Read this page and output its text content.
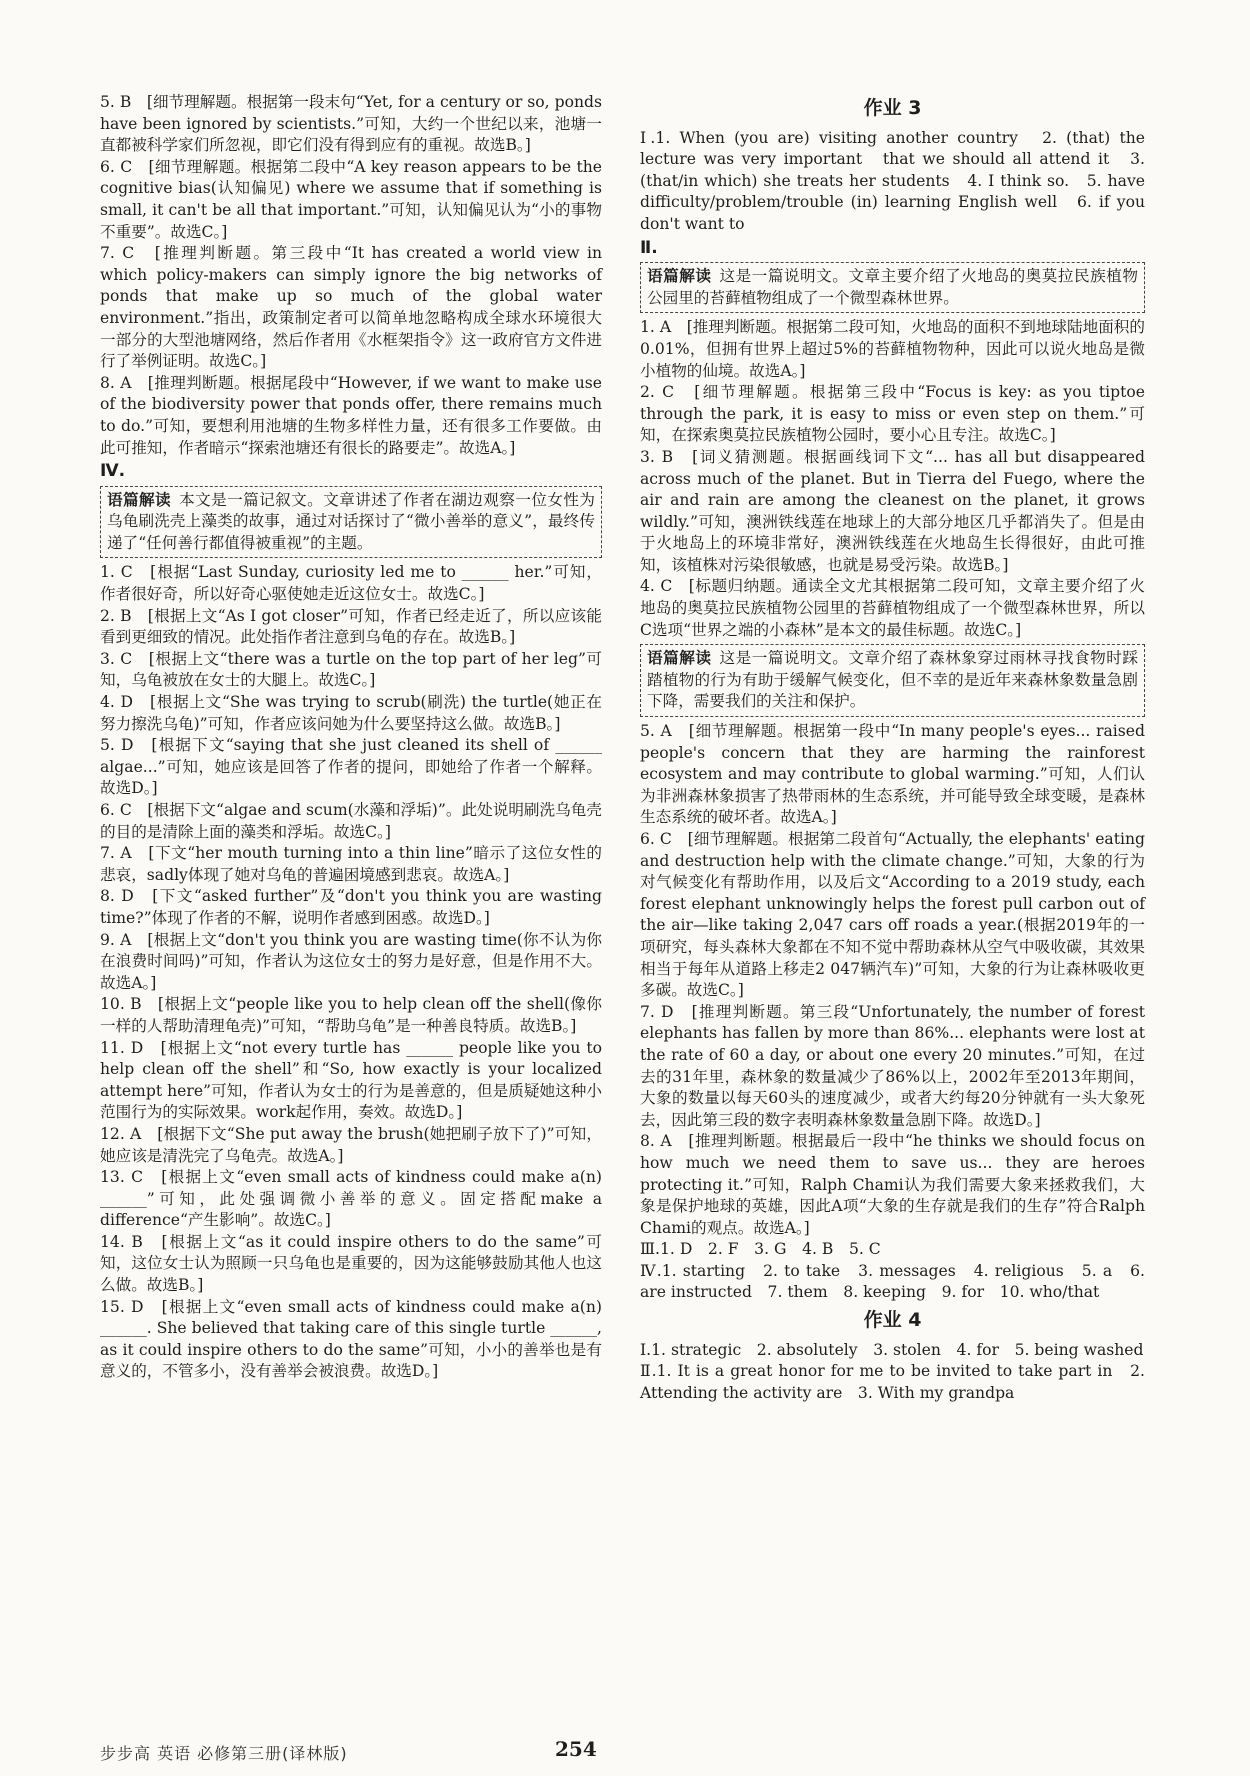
5. B　[细节理解题。根据第一段末句“Yet, for a century or so, ponds have been ignored by scientists.”可知，大约一个世纪以来，池塘一直都被科学家们所忽视，即它们没有得到应有的重视。故选B。]

6. C　[细节理解题。根据第二段中“A key reason appears to be the cognitive bias(认知偏见) where we assume that if something is small, it can't be all that important.”可知，认知偏见认为“小的事物不重要”。故选C。]

7. C　[推理判断题。第三段中“It has created a world view in which policy-makers can simply ignore the big networks of ponds that make up so much of the global water environment.”指出，政策制定者可以简单地忽略构成全球水环境很大一部分的大型池塘网络，然后作者用《水框架指令》这一政府官方文件进行了举例证明。故选C。]

8. A　[推理判断题。根据尾段中“However, if we want to make use of the biodiversity power that ponds offer, there remains much to do.”可知，要想利用池塘的生物多样性力量，还有很多工作要做。由此可推知，作者暗示“探索池塘还有很长的路要走”。故选A。]

Ⅳ.
语篇解读 本文是一篇记叙文。文章讲述了作者在湖边观察一位女性为乌龟刷洗壳上藻类的故事，通过对话探讨了“微小善举的意义”，最终传递了“任何善行都值得被重视”的主题。

1. C　[根据“Last Sunday, curiosity led me to ______ her.”可知，作者很好奇，所以好奇心驱使她走近这位女士。故选C。]

2. B　[根据上文“As I got closer”可知，作者已经走近了，所以应该能看到更细致的情况。此处指作者注意到乌龟的存在。故选B。]

3. C　[根据上文“there was a turtle on the top part of her leg”可知，乌龟被放在女士的大腿上。故选C。]

4. D　[根据上文“She was trying to scrub(刷洗) the turtle(她正在努力擦洗乌龟)”可知，作者应该问她为什么要坚持这么做。故选B。]

5. D　[根据下文“saying that she just cleaned its shell of ______ algae...”可知，她应该是回答了作者的提问，即她给了作者一个解释。故选D。]

6. C　[根据下文“algae and scum(水藻和浮垢)”。此处说明刷洗乌龟壳的目的是清除上面的藻类和浮垢。故选C。]

7. A　[下文“her mouth turning into a thin line”暗示了这位女性的悲哀，sadly体现了她对乌龟的普遍困境感到悲哀。故选A。]

8. D　[下文“asked further”及“don't you think you are wasting time?”体现了作者的不解，说明作者感到困惑。故选D。]

9. A　[根据上文“don't you think you are wasting time(你不认为你在浪费时间吗)”可知，作者认为这位女士的努力是好意，但是作用不大。故选A。]

10. B　[根据上文“people like you to help clean off the shell(像你一样的人帮助清理龟壳)”可知，“帮助乌龟”是一种善良特质。故选B。]

11. D　[根据上文“not every turtle has ______ people like you to help clean off the shell”和“So, how exactly is your localized attempt here”可知，作者认为女士的行为是善意的，但是质疑她这种小范围行为的实际效果。work起作用，奏效。故选D。]

12. A　[根据下文“She put away the brush(她把刷子放下了)”可知，她应该是清洗完了乌龟壳。故选A。]

13. C　[根据上文“even small acts of kindness could make a(n) ______”可知，此处强调微小善举的意义。固定搭配make a difference“产生影响”。故选C。]

14. B　[根据上文“as it could inspire others to do the same”可知，这位女士认为照顾一只乌龟也是重要的，因为这能够鼓励其他人也这么做。故选B。]

15. D　[根据上文“even small acts of kindness could make a(n) ______. She believed that taking care of this single turtle ______, as it could inspire others to do the same”可知，小小的善举也是有意义的，不管多小，没有善举会被浪费。故选D。]

作业 3
Ⅰ.1. When (you are) visiting another country　2. (that) the lecture was very important　that we should all attend it　3. (that/in which) she treats her students　4. I think so.　5. have difficulty/problem/trouble (in) learning English well　6. if you don't want to
Ⅱ.
语篇解读 这是一篇说明文。文章主要介绍了火地岛的奥莫拉民族植物公园里的苔藓植物组成了一个微型森林世界。

1. A　[推理判断题。根据第二段可知，火地岛的面积不到地球陆地面积的0.01%，但拥有世界上超过5%的苔藓植物物种，因此可以说火地岛是微小植物的仙境。故选A。]

2. C　[细节理解题。根据第三段中“Focus is key: as you tiptoe through the park, it is easy to miss or even step on them.”可知，在探索奥莫拉民族植物公园时，要小心且专注。故选C。]

3. B　[词义猜测题。根据画线词下文“... has all but disappeared across much of the planet. But in Tierra del Fuego, where the air and rain are among the cleanest on the planet, it grows wildly.”可知，澳洲铁线莲在地球上的大部分地区几乎都消失了。但是由于火地岛上的环境非常好，澳洲铁线莲在火地岛生长得很好，由此可推知，该植株对污染很敏感，也就是易受污染。故选B。]

4. C　[标题归纳题。通读全文尤其根据第二段可知，文章主要介绍了火地岛的奥莫拉民族植物公园里的苔藓植物组成了一个微型森林世界，所以C选项“世界之端的小森林”是本文的最佳标题。故选C。]

语篇解读 这是一篇说明文。文章介绍了森林象穿过雨林寻找食物时踩踏植物的行为有助于缓解气候变化，但不幸的是近年来森林象数量急剧下降，需要我们的关注和保护。

5. A　[细节理解题。根据第一段中“In many people's eyes... raised people's concern that they are harming the rainforest ecosystem and may contribute to global warming.”可知，人们认为非洲森林象损害了热带雨林的生态系统，并可能导致全球变暖，是森林生态系统的破坏者。故选A。]

6. C　[细节理解题。根据第二段首句“Actually, the elephants' eating and destruction help with the climate change.”可知，大象的行为对气候变化有帮助作用，以及后文“According to a 2019 study, each forest elephant unknowingly helps the forest pull carbon out of the air—like taking 2,047 cars off roads a year.(根据2019年的一项研究，每头森林大象都在不知不觉中帮助森林从空气中吸收碳，其效果相当于每年从道路上移走2 047辆汽车)”可知，大象的行为让森林吸收更多碳。故选C。]

7. D　[推理判断题。第三段“Unfortunately, the number of forest elephants has fallen by more than 86%... elephants were lost at the rate of 60 a day, or about one every 20 minutes.”可知，在过去的31年里，森林象的数量减少了86%以上，2002年至2013年期间，大象的数量以每天60头的速度减少，或者大约每20分钟就有一头大象死去，因此第三段的数字表明森林象数量急剧下降。故选D。]

8. A　[推理判断题。根据最后一段中“he thinks we should focus on how much we need them to save us... they are heroes protecting it.”可知，Ralph Chami认为我们需要大象来拯救我们，大象是保护地球的英雄，因此A项“大象的生存就是我们的生存”符合Ralph Chami的观点。故选A。]

Ⅲ.1. D　2. F　3. G　4. B　5. C
Ⅳ.1. starting　2. to take　3. messages　4. religious　5. a　6. are instructed　7. them　8. keeping　9. for　10. who/that
作业 4
Ⅰ.1. strategic　2. absolutely　3. stolen　4. for　5. being washed
Ⅱ.1. It is a great honor for me to be invited to take part in　2. Attending the activity are　3. With my grandpa
步步高 英语 必修第三册(译林版)	254
